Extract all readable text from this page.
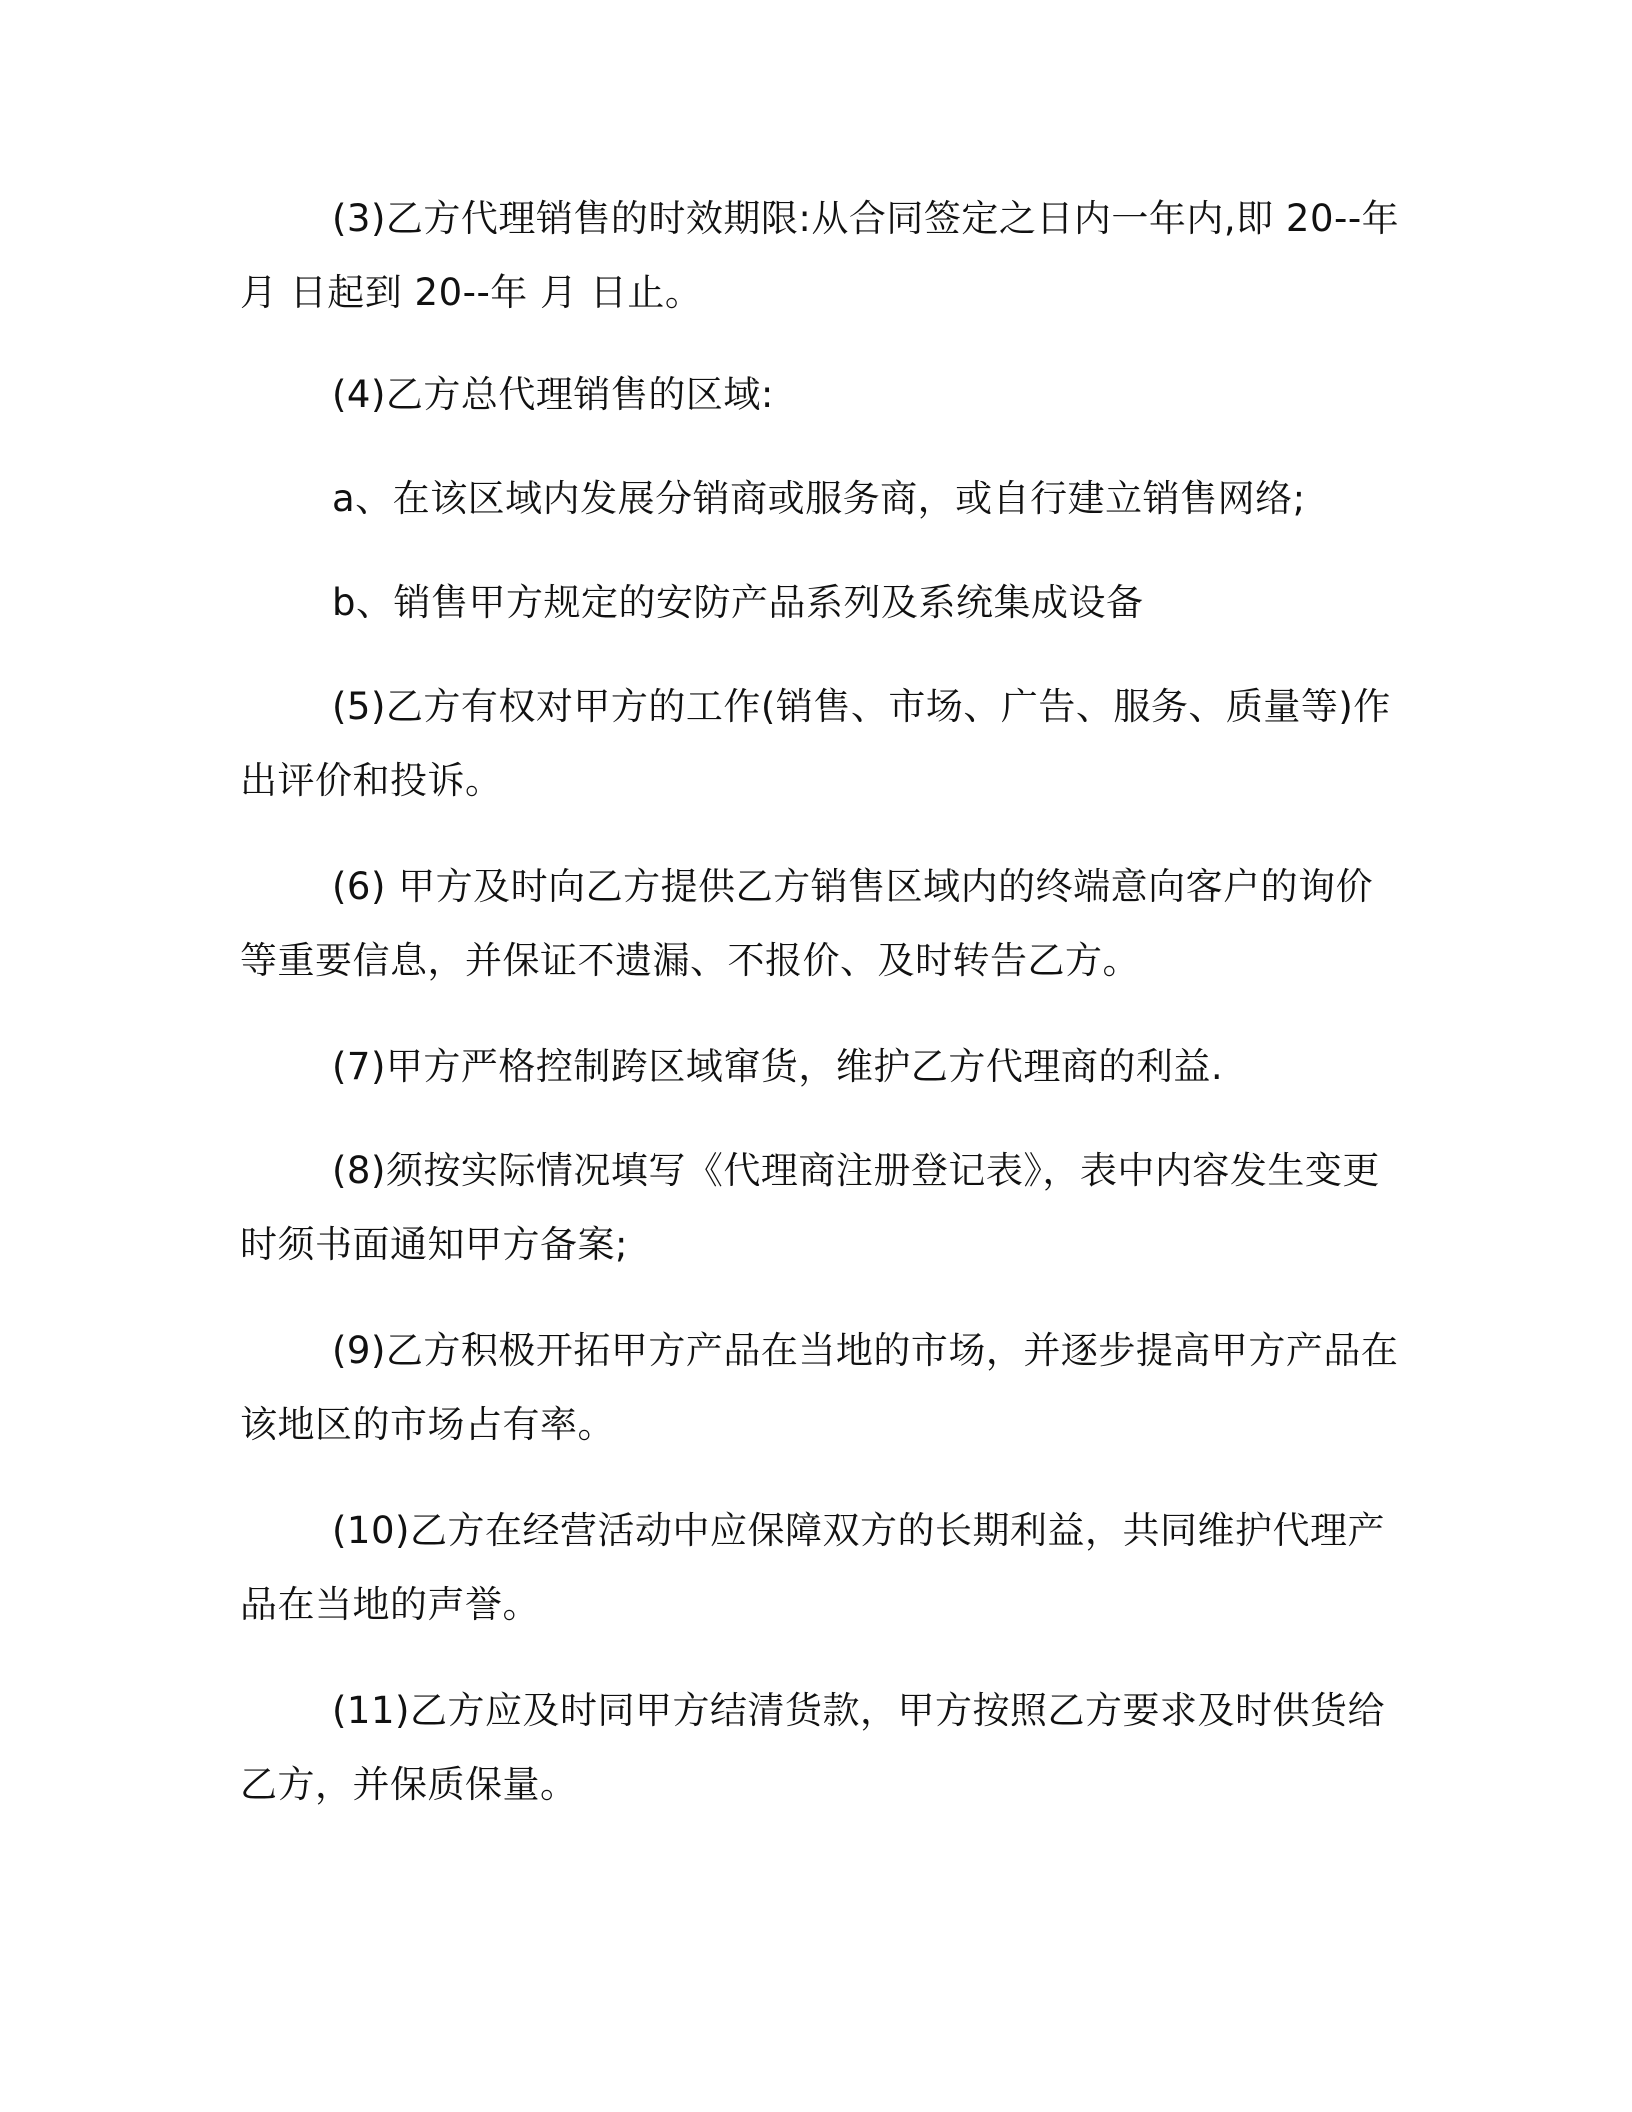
(3)乙方代理销售的时效期限:从合同签定之日内一年内,即 20--年
月 日起到 20--年 月 日止。
(4)乙方总代理销售的区域:
a、在该区域内发展分销商或服务商，或自行建立销售网络;
b、销售甲方规定的安防产品系列及系统集成设备
(5)乙方有权对甲方的工作(销售、市场、广告、服务、质量等)作
出评价和投诉。
(6) 甲方及时向乙方提供乙方销售区域内的终端意向客户的询价
等重要信息，并保证不遗漏、不报价、及时转告乙方。
(7)甲方严格控制跨区域窜货，维护乙方代理商的利益.
(8)须按实际情况填写《代理商注册登记表》，表中内容发生变更
时须书面通知甲方备案;
(9)乙方积极开拓甲方产品在当地的市场，并逐步提高甲方产品在
该地区的市场占有率。
(10)乙方在经营活动中应保障双方的长期利益，共同维护代理产
品在当地的声誉。
(11)乙方应及时同甲方结清货款，甲方按照乙方要求及时供货给
乙方，并保质保量。
